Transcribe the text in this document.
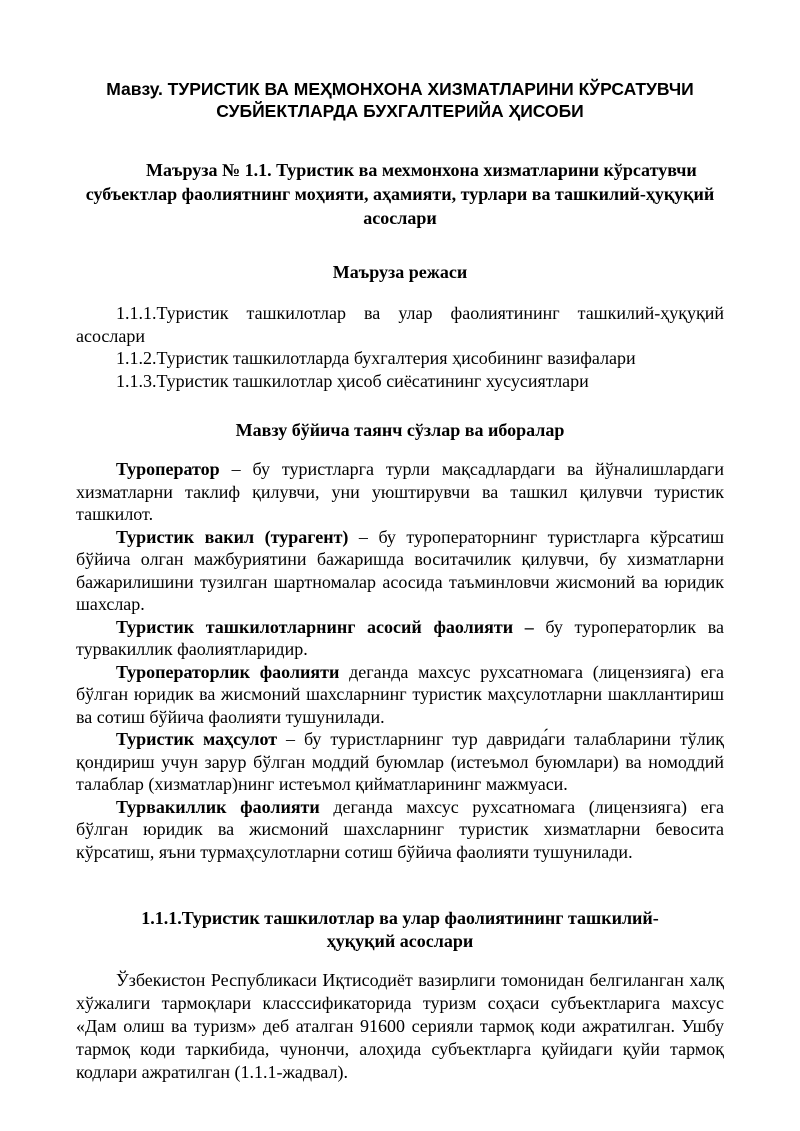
Мавзу. ТУРИСТИК ВА МЕҲМОНХОНА ХИЗМАТЛАРИНИ КЎРСАТУВЧИ

СУБЙЕКТЛАРДА БУХГАЛТЕРИЙА ҲИСОБИ

Маъруза № 1.1. Туристик ва мехмонхона хизматларини кўрсатувчи

субъектлар фаолиятнинг моҳияти, аҳамияти, турлари ва ташкилий-ҳуқуқий

асослари

Маъруза режаси

1.1.1.Туристик ташкилотлар ва улар фаолиятининг ташкилий-ҳуқуқий асослари

1.1.2.Туристик ташкилотларда бухгалтерия ҳисобининг вазифалари

1.1.3.Туристик ташкилотлар ҳисоб сиёсатининг хусусиятлари

Мавзу бўйича таянч сўзлар ва иборалар

Туроператор – бу туристларга турли мақсадлардаги ва йўналишлардаги хизматларни таклиф қилувчи, уни уюштирувчи ва ташкил қилувчи туристик ташкилот.

Туристик вакил (турагент) – бу туроператорнинг туристларга кўрсатиш бўйича олган мажбуриятини бажаришда воситачилик қилувчи, бу хизматларни бажарилишини тузилган шартномалар асосида таъминловчи жисмоний ва юридик шахслар.

Туристик ташкилотларнинг асосий фаолияти – бу туроператорлик ва турвакиллик фаолиятларидир.

Туроператорлик фаолияти деганда махсус рухсатномага (лицензияга) ега бўлган юридик ва жисмоний шахсларнинг туристик маҳсулотларни шакллантириш ва сотиш бўйича фаолияти тушунилади.

Туристик маҳсулот – бу туристларнинг тур даврида́ги талабларини тўлиқ қондириш учун зарур бўлган моддий буюмлар (истеъмол буюмлари) ва номоддий талаблар (хизматлар)нинг истеъмол қийматларининг мажмуаси.

Турвакиллик фаолияти деганда махсус рухсатномага (лицензияга) ега бўлган юридик ва жисмоний шахсларнинг туристик хизматларни бевосита кўрсатиш, яъни турмаҳсулотларни сотиш бўйича фаолияти тушунилади.

1.1.1.Туристик ташкилотлар ва улар фаолиятининг ташкилий-

ҳуқуқий асослари

Ўзбекистон Республикаси Иқтисодиёт вазирлиги томонидан белгиланган халқ хўжалиги тармоқлари классcификаторида туризм соҳаси субъектларига махсус «Дам олиш ва туризм» деб аталган 91600 серияли тармоқ коди ажратилган. Ушбу тармоқ коди таркибида, чунончи, алоҳида субъектларга қуйидаги қуйи тармоқ кодлари ажратилган (1.1.1-жадвал).
